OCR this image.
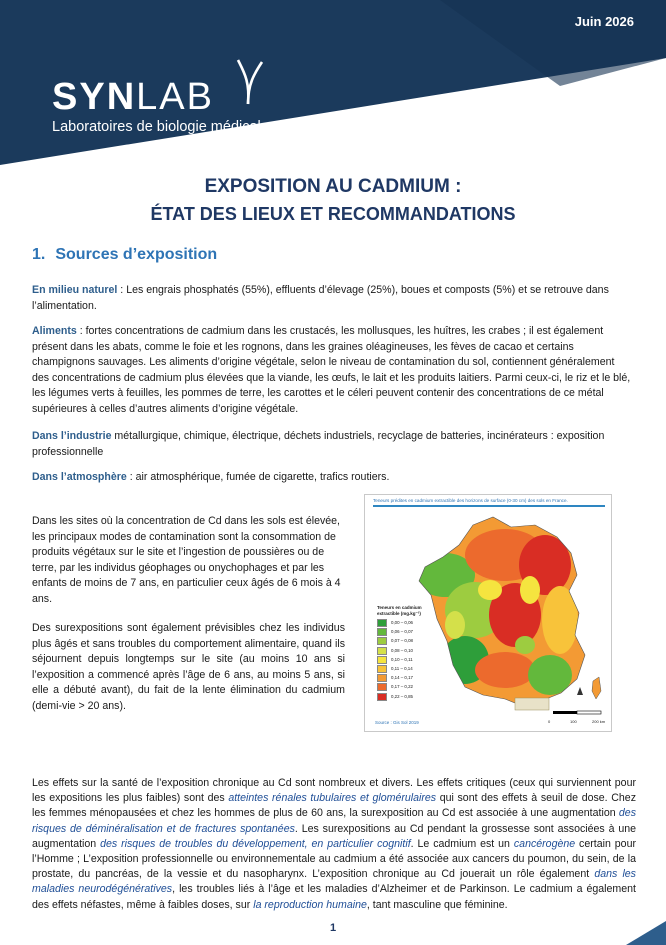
Juin 2026
SYNLAB
Laboratoires de biologie médicale
EXPOSITION AU CADMIUM :
ÉTAT DES LIEUX ET RECOMMANDATIONS
1. Sources d’exposition
En milieu naturel : Les engrais phosphatés (55%), effluents d’élevage (25%), boues et composts (5%) et se retrouve dans l’alimentation.
Aliments : fortes concentrations de cadmium dans les crustacés, les mollusques, les huîtres, les crabes ; il est également présent dans les abats, comme le foie et les rognons, dans les graines oléagineuses, les fèves de cacao et certains champignons sauvages. Les aliments d’origine végétale, selon le niveau de contamination du sol, contiennent généralement des concentrations de cadmium plus élevées que la viande, les œufs, le lait et les produits laitiers. Parmi ceux-ci, le riz et le blé, les légumes verts à feuilles, les pommes de terre, les carottes et le céleri peuvent contenir des concentrations de ce métal supérieures à celles d’autres aliments d’origine végétale.
Dans l’industrie métallurgique, chimique, électrique, déchets industriels, recyclage de batteries, incinérateurs : exposition professionnelle
Dans l’atmosphère : air atmosphérique, fumée de cigarette, trafics routiers.
Dans les sites où la concentration de Cd dans les sols est élevée, les principaux modes de contamination sont la consommation de produits végétaux sur le site et l’ingestion de poussières ou de terre, par les individus géophages ou onychophages et par les enfants de moins de 7 ans, en particulier ceux âgés de 6 mois à 4 ans.
Des surexpositions sont également prévisibles chez les individus plus âgés et sans troubles du comportement alimentaire, quand ils séjournent depuis longtemps sur le site (au moins 10 ans si l’exposition a commencé après l’âge de 6 ans, au moins 5 ans, si elle a débuté avant), du fait de la lente élimination du cadmium (demi-vie > 20 ans).
Teneurs prédites en cadmium extractible des horizons de surface (0-30 cm) des sols en France.
Teneurs en cadmium
extractible (mg.kg⁻¹)
0,00 – 0,06
0,06 – 0,07
0,07 – 0,08
0,08 – 0,10
0,10 – 0,11
0,11 – 0,14
0,14 – 0,17
0,17 – 0,22
0,22 – 0,85
0	100	200 km
Source : Gis Sol 2019
Les effets sur la santé de l’exposition chronique au Cd sont nombreux et divers. Les effets critiques (ceux qui surviennent pour les expositions les plus faibles) sont des atteintes rénales tubulaires et glomérulaires qui sont des effets à seuil de dose. Chez les femmes ménopausées et chez les hommes de plus de 60 ans, la surexposition au Cd est associée à une augmentation des risques de déminéralisation et de fractures spontanées. Les surexpositions au Cd pendant la grossesse sont associées à une augmentation des risques de troubles du développement, en particulier cognitif. Le cadmium est un cancérogène certain pour l’Homme ; L’exposition professionnelle ou environnementale au cadmium a été associée aux cancers du poumon, du sein, de la prostate, du pancréas, de la vessie et du nasopharynx. L’exposition chronique au Cd jouerait un rôle également dans les maladies neurodégénératives, les troubles liés à l’âge et les maladies d’Alzheimer et de Parkinson. Le cadmium a également des effets néfastes, même à faibles doses, sur la reproduction humaine, tant masculine que féminine.
1
